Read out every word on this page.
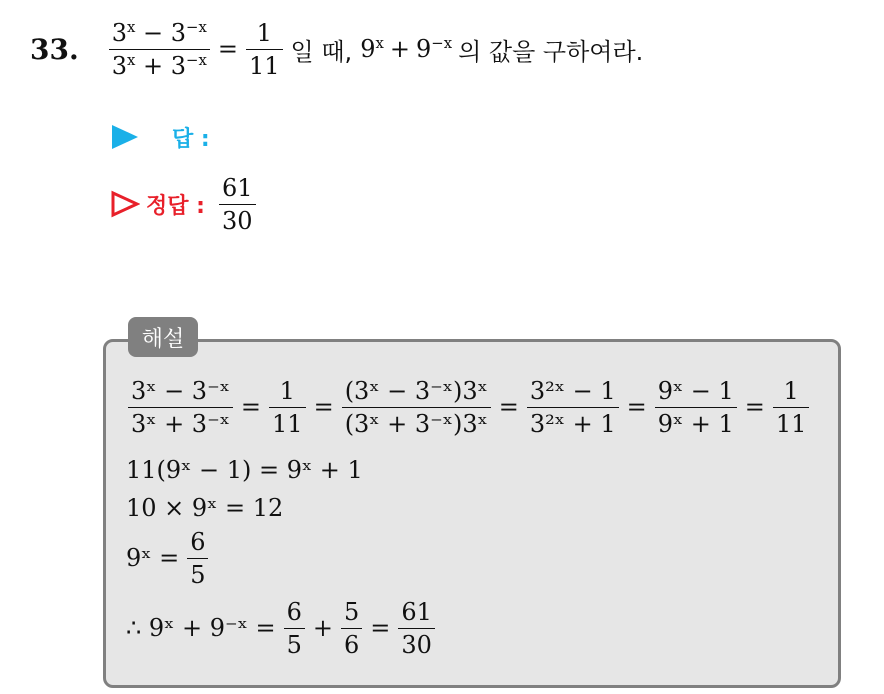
33. $\frac{3^x - 3^{-x}}{3^x + 3^{-x}} = \frac{1}{11}$ 일 때, $9^x + 9^{-x}$ 의 값을 구하여라.
답 :
정답 : $\frac{61}{30}$
해설
$\frac{\text{3ˣ − 3⁻ˣ}}{\text{3ˣ + 3⁻ˣ}} = \frac{1}{11} = \frac{\text{(3ˣ − 3⁻ˣ)3ˣ}}{\text{(3ˣ + 3⁻ˣ)3ˣ}} = \frac{\text{3²ˣ − 1}}{\text{3²ˣ + 1}} = \frac{\text{9ˣ − 1}}{\text{9ˣ + 1}} = \frac{1}{11}$
11(9ˣ − 1) = 9ˣ + 1
10 × 9ˣ = 12
9ˣ = $\frac{6}{5}$
∴ 9ˣ + 9⁻ˣ = $\frac{6}{5} + \frac{5}{6} = \frac{61}{30}$
